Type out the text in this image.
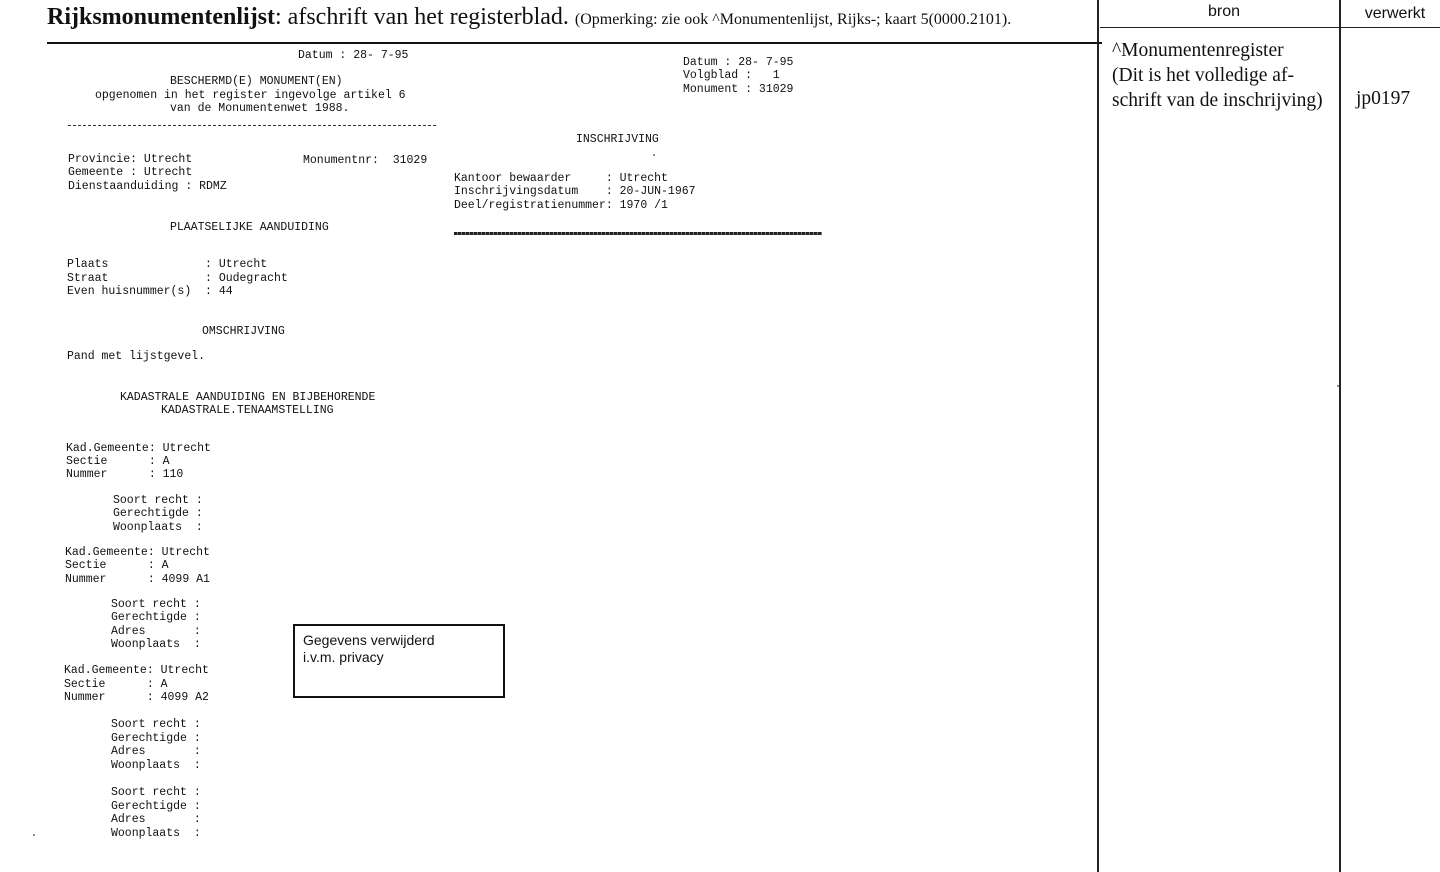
Rijksmonumentenlijst: afschrift van het registerblad. (Opmerking: zie ook ^Monumentenlijst, Rijks-; kaart 5(0000.2101).	bron	verwerkt
^Monumentenregister
(Dit is het volledige af-
schrift van de inschrijving) jp0197
Datum : 28- 7-95
BESCHERMD(E) MONUMENT(EN)
opgenomen in het register ingevolge artikel 6
van de Monumentenwet 1988.
Datum : 28- 7-95
Volgblad :   1
Monument : 31029
INSCHRIJVING
Provincie: Utrecht	Monumentnr:  31029
Gemeente : Utrecht
Dienstaanduiding : RDMZ
Kantoor bewaarder     : Utrecht
Inschrijvingsdatum    : 20-JUN-1967
Deel/registratienummer: 1970 /1
PLAATSELIJKE AANDUIDING
Plaats              : Utrecht
Straat              : Oudegracht
Even huisnummer(s)  : 44
OMSCHRIJVING
Pand met lijstgevel.
KADASTRALE AANDUIDING EN BIJBEHORENDE
KADASTRALE.TENAAMSTELLING
Kad.Gemeente: Utrecht
Sectie      : A
Nummer      : 110
Soort recht :
Gerechtigde :
Woonplaats  :
Kad.Gemeente: Utrecht
Sectie      : A
Nummer      : 4099 A1
Soort recht :
Gerechtigde :
Adres       :
Woonplaats  :
Kad.Gemeente: Utrecht
Sectie      : A
Nummer      : 4099 A2
Soort recht :
Gerechtigde :
Adres       :
Woonplaats  :
Soort recht :
Gerechtigde :
Adres       :
Woonplaats  :
Gegevens verwijderd
i.v.m. privacy
